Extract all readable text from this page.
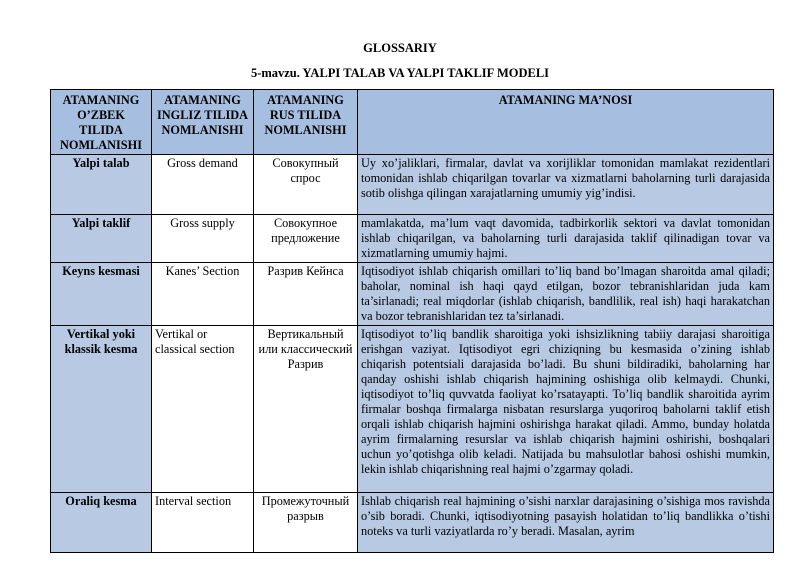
GLOSSARIY
5-mavzu. YALPI TALAB VA YALPI TAKLIF MODELI
ATAMANING O’ZBEK TILIDA NOMLANISHI	ATAMANING INGLIZ TILIDA NOMLANISHI	ATAMANING RUS TILIDA NOMLANISHI	ATAMANING MA’NOSI
Yalpi talab	Gross demand	Совокупный спрос	Uy xo’jaliklari, firmalar, davlat va xorijliklar tomonidan mamlakat rezidentlari tomonidan ishlab chiqarilgan tovarlar va xizmatlarni baholarning turli darajasida sotib olishga qilingan xarajatlarning umumiy yig’indisi.
Yalpi taklif	Gross supply	Совокупное предложение	mamlakatda, ma’lum vaqt davomida, tadbirkorlik sektori va davlat tomonidan ishlab chiqarilgan, va baholarning turli darajasida taklif qilinadigan tovar va xizmatlarning umumiy hajmi.
Keyns kesmasi	Kanes’ Section	Разрив Кейнса	Iqtisodiyot ishlab chiqarish omillari to’liq band bo’lmagan sharoitda amal qiladi; baholar, nominal ish haqi qayd etilgan, bozor tebranishlaridan juda kam ta’sirlanadi; real miqdorlar (ishlab chiqarish, bandlilik, real ish) haqi harakatchan va bozor tebranishlaridan tez ta’sirlanadi.
Vertikal yoki klassik kesma	Vertikal or classical section	Вертикальный или классический Разрив	Iqtisodiyot to’liq bandlik sharoitiga yoki ishsizlikning tabiiy darajasi sharoitiga erishgan vaziyat. Iqtisodiyot egri chiziqning bu kesmasida o’zining ishlab chiqarish potentsiali darajasida bo’ladi. Bu shuni bildiradiki, baholarning har qanday oshishi ishlab chiqarish hajmining oshishiga olib kelmaydi. Chunki, iqtisodiyot to’liq quvvatda faoliyat ko’rsatayapti. To’liq bandlik sharoitida ayrim firmalar boshqa firmalarga nisbatan resurslarga yuqoriroq baholarni taklif etish orqali ishlab chiqarish hajmini oshirishga harakat qiladi. Ammo, bunday holatda ayrim firmalarning resurslar va ishlab chiqarish hajmini oshirishi, boshqalari uchun yo’qotishga olib keladi. Natijada bu mahsulotlar bahosi oshishi mumkin, lekin ishlab chiqarishning real hajmi o’zgarmay qoladi.
Oraliq kesma	Interval section	Промежуточный разрыв	Ishlab chiqarish real hajmining o’sishi narxlar darajasining o’sishiga mos ravishda o’sib boradi. Chunki, iqtisodiyotning pasayish holatidan to’liq bandlikka o’tishi noteks va turli vaziyatlarda ro’y beradi. Masalan, ayrim
